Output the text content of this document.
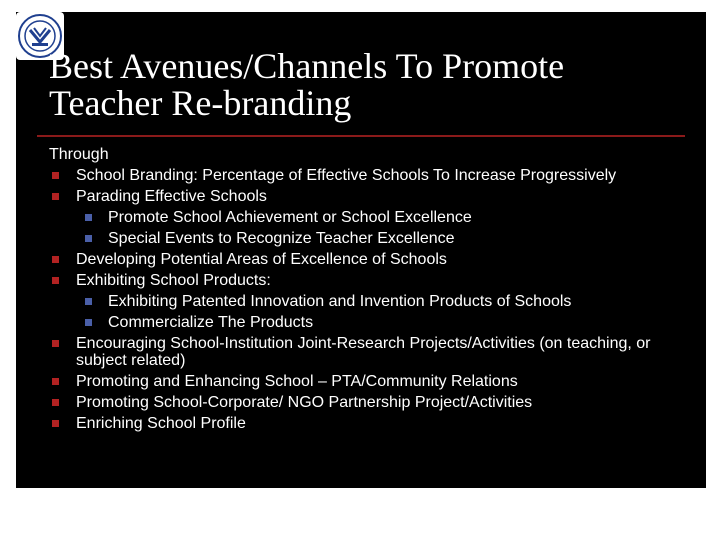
Best Avenues/Channels To Promote
Teacher Re-branding
Through
School Branding: Percentage of Effective Schools To Increase Progressively
Parading Effective Schools
Promote School Achievement or School Excellence
Special Events to Recognize Teacher Excellence
Developing Potential Areas of Excellence of Schools
Exhibiting School Products:
Exhibiting Patented Innovation and Invention Products of Schools
Commercialize The Products
Encouraging School-Institution Joint-Research Projects/Activities (on teaching, or subject related)
Promoting and Enhancing School – PTA/Community Relations
Promoting School-Corporate/ NGO Partnership Project/Activities
Enriching School Profile
YWI
